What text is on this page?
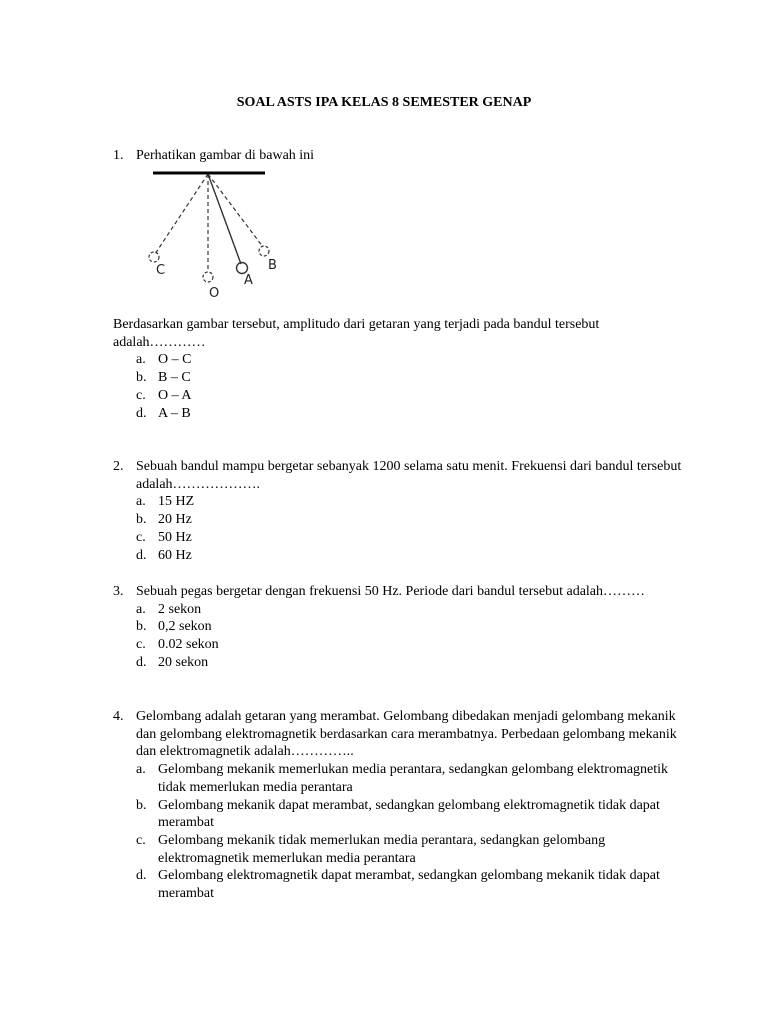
SOAL ASTS IPA KELAS 8 SEMESTER GENAP
1. Perhatikan gambar di bawah ini
C
O
A
B
Berdasarkan gambar tersebut, amplitudo dari getaran yang terjadi pada bandul tersebut adalah…………
a. O – C
b. B – C
c. O – A
d. A – B
2. Sebuah bandul mampu bergetar sebanyak 1200 selama satu menit. Frekuensi dari bandul tersebut adalah……………….
a. 15 HZ
b. 20 Hz
c. 50 Hz
d. 60 Hz
3. Sebuah pegas bergetar dengan frekuensi 50 Hz. Periode dari bandul tersebut adalah………
a. 2 sekon
b. 0,2 sekon
c. 0.02 sekon
d. 20 sekon
4. Gelombang adalah getaran yang merambat. Gelombang dibedakan menjadi gelombang mekanik dan gelombang elektromagnetik berdasarkan cara merambatnya. Perbedaan gelombang mekanik dan elektromagnetik adalah…………..
a. Gelombang mekanik memerlukan media perantara, sedangkan gelombang elektromagnetik tidak memerlukan media perantara
b. Gelombang mekanik dapat merambat, sedangkan gelombang elektromagnetik tidak dapat merambat
c. Gelombang mekanik tidak memerlukan media perantara, sedangkan gelombang elektromagnetik memerlukan media perantara
d. Gelombang elektromagnetik dapat merambat, sedangkan gelombang mekanik tidak dapat merambat
